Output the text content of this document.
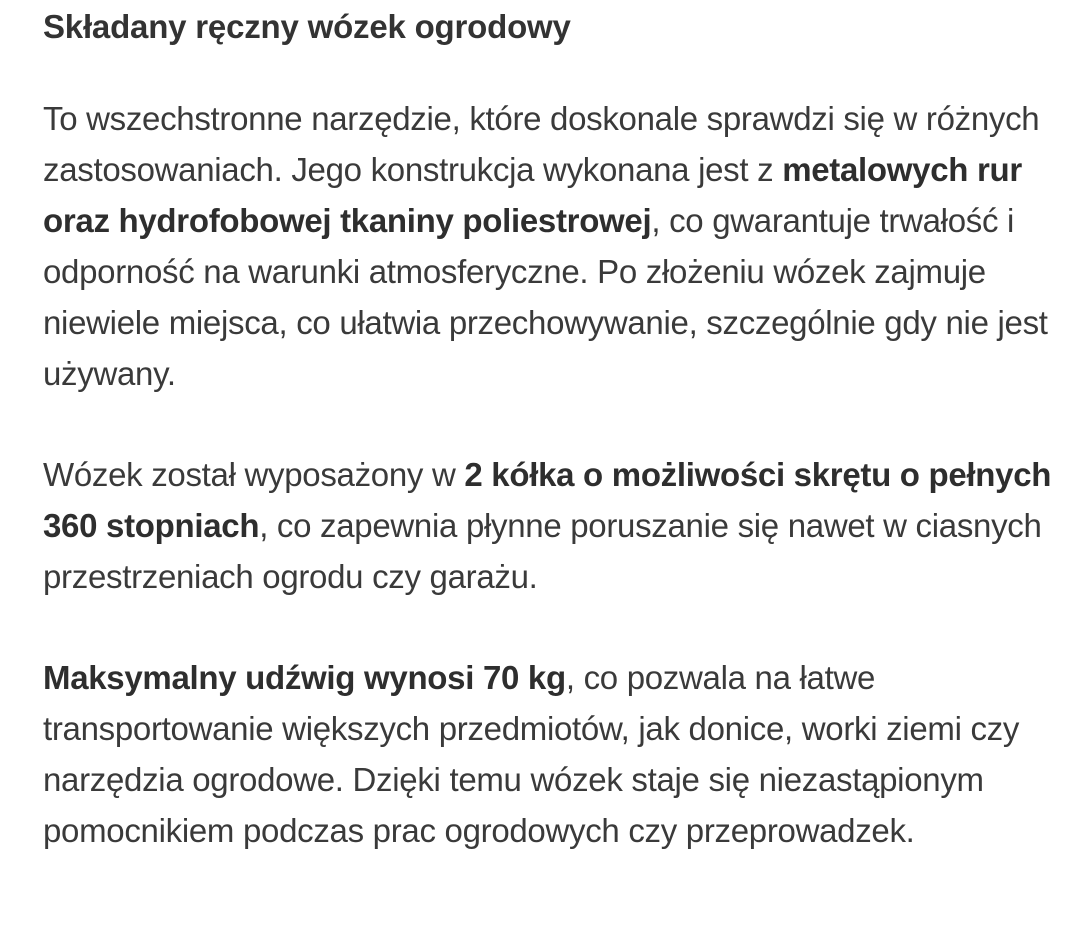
Składany ręczny wózek ogrodowy

To wszechstronne narzędzie, które doskonale sprawdzi się w różnych zastosowaniach. Jego konstrukcja wykonana jest z metalowych rur oraz hydrofobowej tkaniny poliestrowej, co gwarantuje trwałość i odporność na warunki atmosferyczne. Po złożeniu wózek zajmuje niewiele miejsca, co ułatwia przechowywanie, szczególnie gdy nie jest używany.

Wózek został wyposażony w 2 kółka o możliwości skrętu o pełnych 360 stopniach, co zapewnia płynne poruszanie się nawet w ciasnych przestrzeniach ogrodu czy garażu.

Maksymalny udźwig wynosi 70 kg, co pozwala na łatwe transportowanie większych przedmiotów, jak donice, worki ziemi czy narzędzia ogrodowe. Dzięki temu wózek staje się niezastąpionym pomocnikiem podczas prac ogrodowych czy przeprowadzek.
